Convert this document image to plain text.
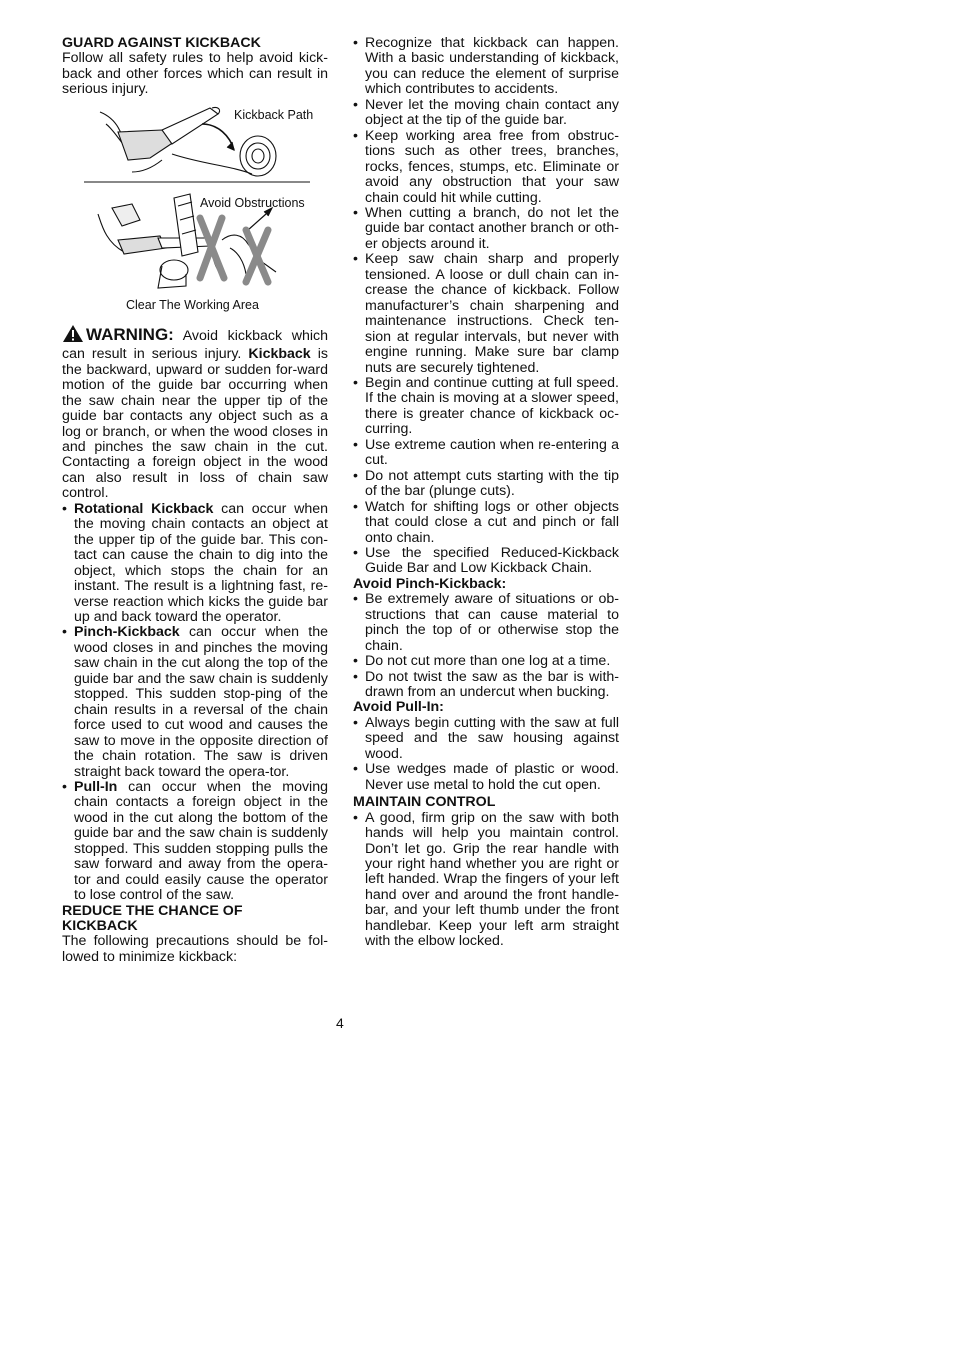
GUARD AGAINST KICKBACK

Follow all safety rules to help avoid kick-back and other forces which can result in serious injury.

Kickback Path
Avoid Obstructions
Clear The Working Area

WARNING: Avoid kickback which can result in serious injury. Kickback is the backward, upward or sudden for-ward motion of the guide bar occurring when the saw chain near the upper tip of the guide bar contacts any object such as a log or branch, or when the wood closes in and pinches the saw chain in the cut. Contacting a foreign object in the wood can also result in loss of chain saw control.

• Rotational Kickback can occur when the moving chain contacts an object at the upper tip of the guide bar. This con-tact can cause the chain to dig into the object, which stops the chain for an instant. The result is a lightning fast, re-verse reaction which kicks the guide bar up and back toward the operator.
• Pinch-Kickback can occur when the wood closes in and pinches the moving saw chain in the cut along the top of the guide bar and the saw chain is suddenly stopped. This sudden stop-ping of the chain results in a reversal of the chain force used to cut wood and causes the saw to move in the opposite direction of the chain rotation. The saw is driven straight back toward the opera-tor.
• Pull-In can occur when the moving chain contacts a foreign object in the wood in the cut along the bottom of the guide bar and the saw chain is suddenly stopped. This sudden stopping pulls the saw forward and away from the opera-tor and could easily cause the operator to lose control of the saw.
REDUCE THE CHANCE OF
KICKBACK

The following precautions should be fol-lowed to minimize kickback:

• Recognize that kickback can happen. With a basic understanding of kickback, you can reduce the element of surprise which contributes to accidents.
• Never let the moving chain contact any object at the tip of the guide bar.
• Keep working area free from obstruc-tions such as other trees, branches, rocks, fences, stumps, etc. Eliminate or avoid any obstruction that your saw chain could hit while cutting.
• When cutting a branch, do not let the guide bar contact another branch or oth-er objects around it.
• Keep saw chain sharp and properly tensioned. A loose or dull chain can in-crease the chance of kickback. Follow manufacturer’s chain sharpening and maintenance instructions. Check ten-sion at regular intervals, but never with engine running. Make sure bar clamp nuts are securely tightened.
• Begin and continue cutting at full speed. If the chain is moving at a slower speed, there is greater chance of kickback oc-curring.
• Use extreme caution when re-entering a cut.
• Do not attempt cuts starting with the tip of the bar (plunge cuts).
• Watch for shifting logs or other objects that could close a cut and pinch or fall onto chain.
• Use the specified Reduced-Kickback Guide Bar and Low Kickback Chain.
Avoid Pinch-Kickback:
• Be extremely aware of situations or ob-structions that can cause material to pinch the top of or otherwise stop the chain.
• Do not cut more than one log at a time.
• Do not twist the saw as the bar is with-drawn from an undercut when bucking.
Avoid Pull-In:
• Always begin cutting with the saw at full speed and the saw housing against wood.
• Use wedges made of plastic or wood. Never use metal to hold the cut open.
MAINTAIN CONTROL
• A good, firm grip on the saw with both hands will help you maintain control. Don’t let go. Grip the rear handle with your right hand whether you are right or left handed. Wrap the fingers of your left hand over and around the front handle-bar, and your left thumb under the front handlebar. Keep your left arm straight with the elbow locked.
4
